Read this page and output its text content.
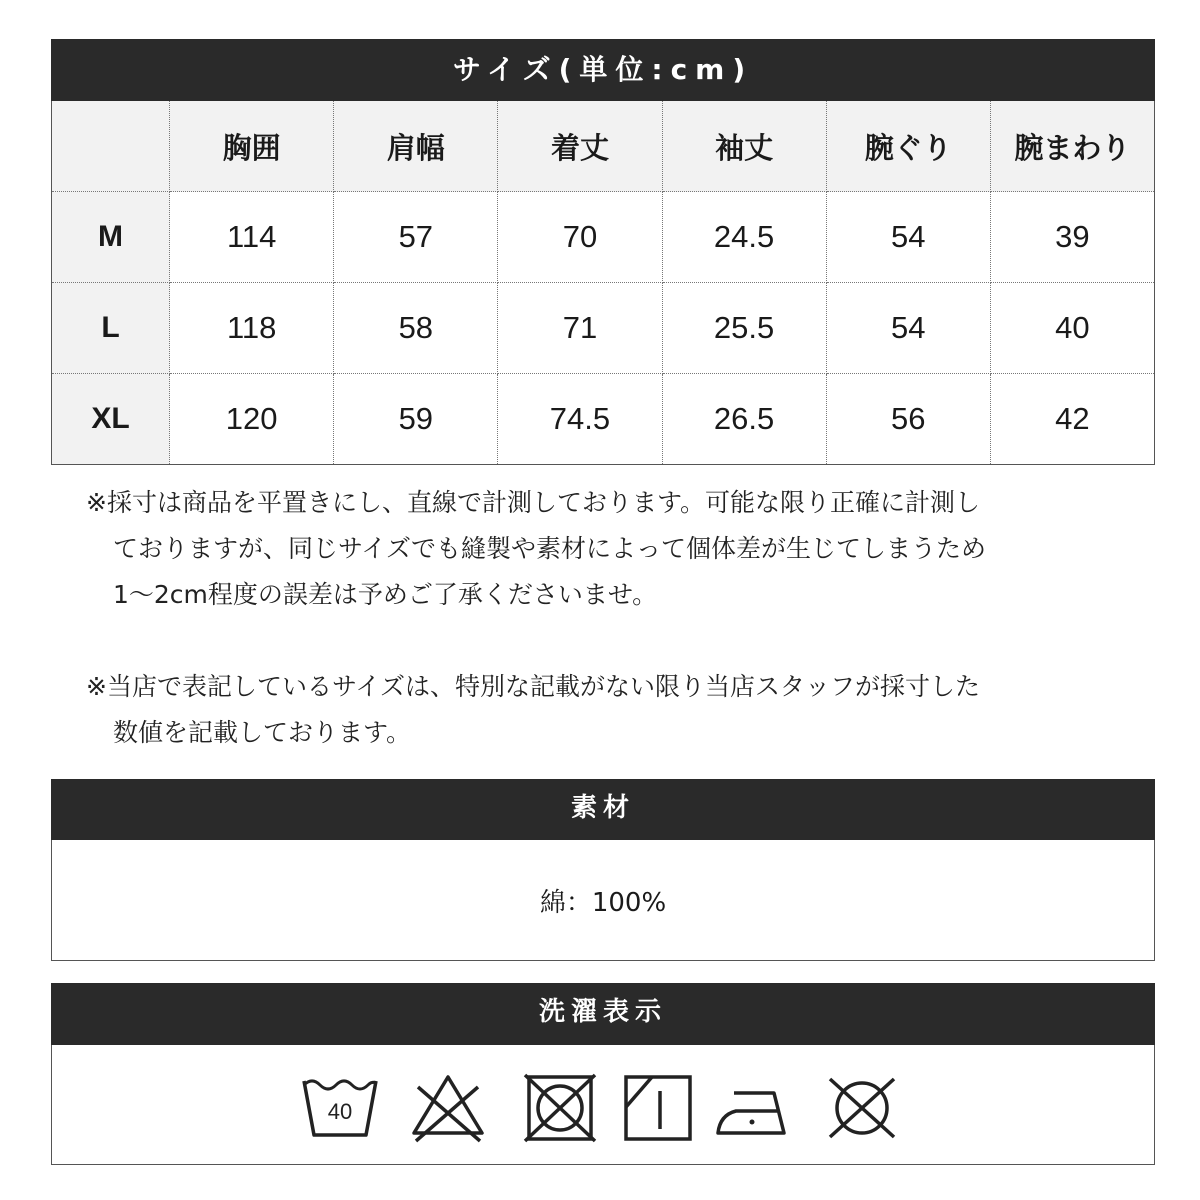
サイズ(単位:cm)
	胸囲	肩幅	着丈	袖丈	腕ぐり	腕まわり
M	114	57	70	24.5	54	39
L	118	58	71	25.5	54	40
XL	120	59	74.5	26.5	56	42
※採寸は商品を平置きにし、直線で計測しております。可能な限り正確に計測し
ておりますが、同じサイズでも縫製や素材によって個体差が生じてしまうため
1～2cm程度の誤差は予めご了承くださいませ。
※当店で表記しているサイズは、特別な記載がない限り当店スタッフが採寸した
数値を記載しております。
素材
綿：100%
洗濯表示
40
